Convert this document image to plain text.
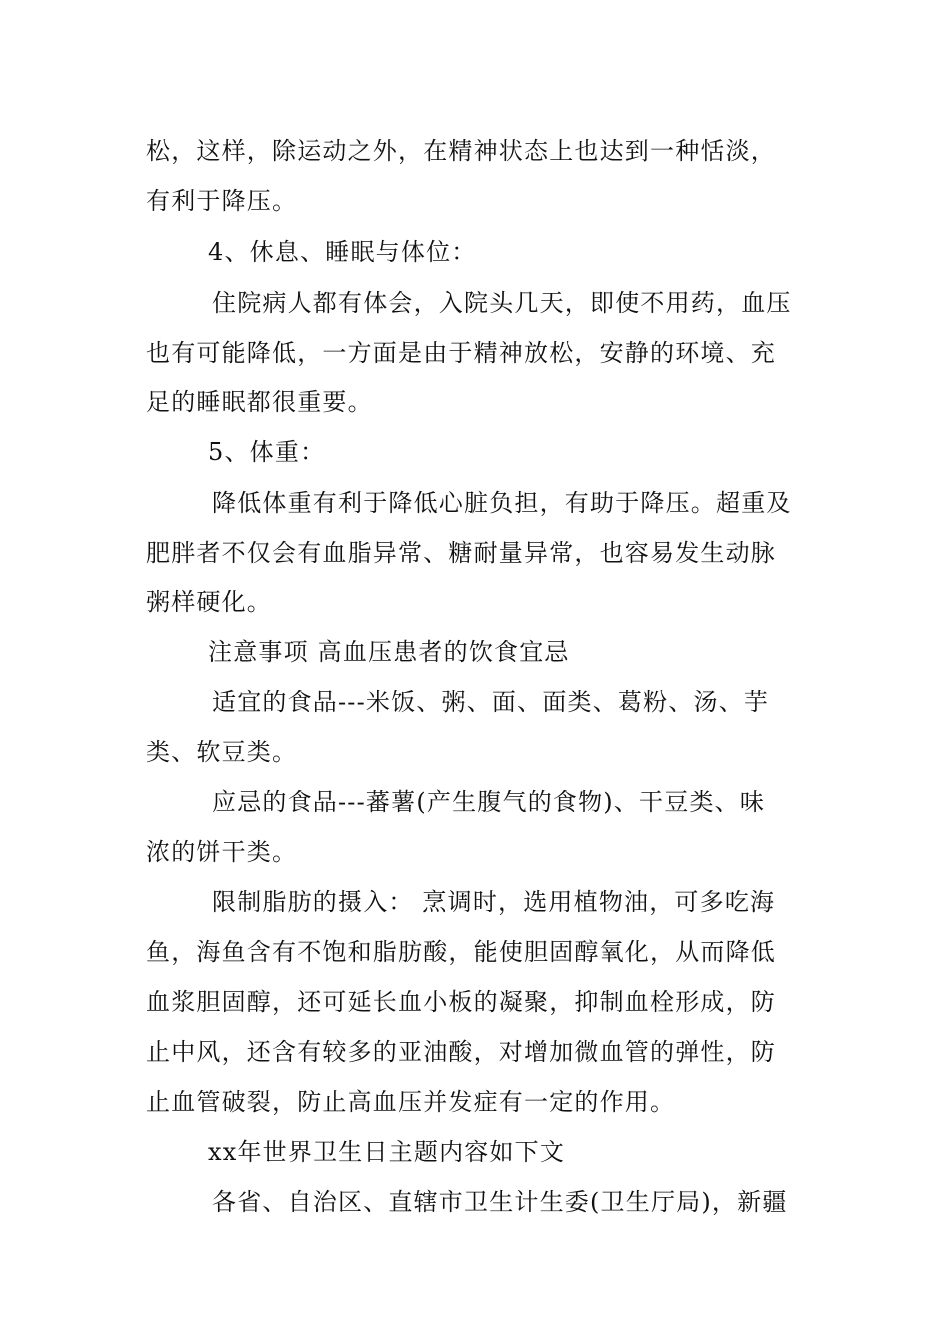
松，这样，除运动之外，在精神状态上也达到一种恬淡，
有利于降压。
4、休息、睡眠与体位：
住院病人都有体会，入院头几天，即使不用药，血压
也有可能降低，一方面是由于精神放松，安静的环境、充
足的睡眠都很重要。
5、体重：
降低体重有利于降低心脏负担，有助于降压。超重及
肥胖者不仅会有血脂异常、糖耐量异常，也容易发生动脉
粥样硬化。
注意事项 高血压患者的饮食宜忌
适宜的食品---米饭、粥、面、面类、葛粉、汤、芋
类、软豆类。
应忌的食品---蕃薯(产生腹气的食物)、干豆类、味
浓的饼干类。
限制脂肪的摄入： 烹调时，选用植物油，可多吃海
鱼，海鱼含有不饱和脂肪酸，能使胆固醇氧化，从而降低
血浆胆固醇，还可延长血小板的凝聚，抑制血栓形成，防
止中风，还含有较多的亚油酸，对增加微血管的弹性，防
止血管破裂，防止高血压并发症有一定的作用。
xx年世界卫生日主题内容如下文
各省、自治区、直辖市卫生计生委(卫生厅局)，新疆
